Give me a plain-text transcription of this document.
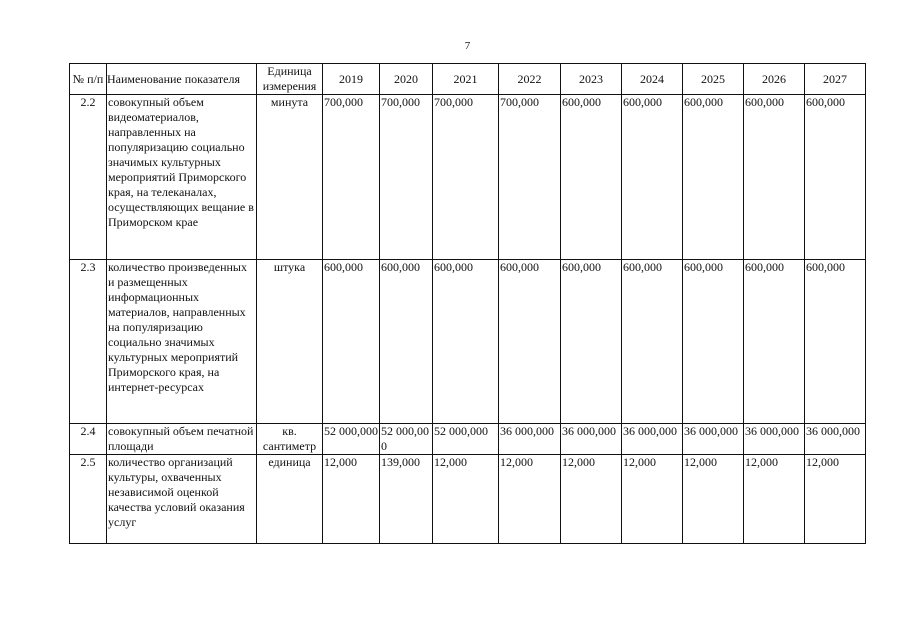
7
№ п/п	Наименование показателя	Единица измерения	2019	2020	2021	2022	2023	2024	2025	2026	2027
2.2	совокупный объем видеоматериалов, направленных на популяризацию социально значимых культурных мероприятий Приморского края, на телеканалах, осуществляющих вещание в Приморском крае	минута	700,000	700,000	700,000	700,000	600,000	600,000	600,000	600,000	600,000
2.3	количество произведенных и размещенных информационных материалов, направленных на популяризацию социально значимых культурных мероприятий Приморского края, на интернет-ресурсах	штука	600,000	600,000	600,000	600,000	600,000	600,000	600,000	600,000	600,000
2.4	совокупный объем печатной площади	кв. сантиметр	52 000,000	52 000,000	52 000,000	36 000,000	36 000,000	36 000,000	36 000,000	36 000,000	36 000,000
2.5	количество организаций культуры, охваченных независимой оценкой качества условий оказания услуг	единица	12,000	139,000	12,000	12,000	12,000	12,000	12,000	12,000	12,000
